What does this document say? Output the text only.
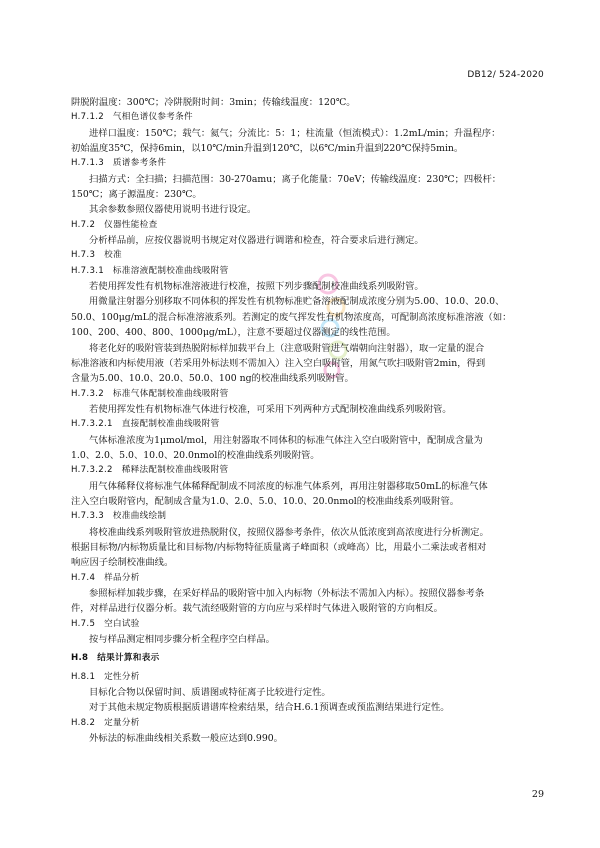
DB12/ 524-2020

阱脱附温度：300℃；冷阱脱附时间：3min；传输线温度：120℃。

H.7.1.2　气相色谱仪参考条件

进样口温度：150℃；载气：氦气；分流比：5：1；柱流量（恒流模式）：1.2mL/min；升温程序：

初始温度35℃，保持6min，以10℃/min升温到120℃，以6℃/min升温到220℃保持5min。

H.7.1.3　质谱参考条件

扫描方式：全扫描；扫描范围：30-270amu；离子化能量：70eV；传输线温度：230℃；四极杆：

150℃；离子源温度：230℃。

其余参数参照仪器使用说明书进行设定。

H.7.2　仪器性能检查

分析样品前，应按仪器说明书规定对仪器进行调谐和检查，符合要求后进行测定。

H.7.3　校准

H.7.3.1　标准溶液配制校准曲线吸附管

若使用挥发性有机物标准溶液进行校准，按照下列步骤配制校准曲线系列吸附管。

用微量注射器分别移取不同体积的挥发性有机物标准贮备溶液配制成浓度分别为5.00、10.0、20.0、

50.0、100μg/mL的混合标准溶液系列。若测定的废气挥发性有机物浓度高，可配制高浓度标准溶液（如：

100、200、400、800、1000μg/mL），注意不要超过仪器测定的线性范围。

将老化好的吸附管装到热脱附标样加载平台上（注意吸附管进气端朝向注射器），取一定量的混合

标准溶液和内标使用液（若采用外标法则不需加入）注入空白吸附管，用氮气吹扫吸附管2min，得到

含量为5.00、10.0、20.0、50.0、100 ng的校准曲线系列吸附管。

H.7.3.2　标准气体配制校准曲线吸附管

若使用挥发性有机物标准气体进行校准，可采用下列两种方式配制校准曲线系列吸附管。

H.7.3.2.1　直接配制校准曲线吸附管

气体标准浓度为1μmol/mol，用注射器取不同体积的标准气体注入空白吸附管中，配制成含量为

1.0、2.0、5.0、10.0、20.0nmol的校准曲线系列吸附管。

H.7.3.2.2　稀释法配制校准曲线吸附管

用气体稀释仪将标准气体稀释配制成不同浓度的标准气体系列，再用注射器移取50mL的标准气体

注入空白吸附管内，配制成含量为1.0、2.0、5.0、10.0、20.0nmol的校准曲线系列吸附管。

H.7.3.3　校准曲线绘制

将校准曲线系列吸附管放进热脱附仪，按照仪器参考条件，依次从低浓度到高浓度进行分析测定。

根据目标物/内标物质量比和目标物/内标物特征质量离子峰面积（或峰高）比，用最小二乘法或者相对

响应因子绘制校准曲线。

H.7.4　样品分析

参照标样加载步骤，在采好样品的吸附管中加入内标物（外标法不需加入内标）。按照仪器参考条

件，对样品进行仪器分析。载气流经吸附管的方向应与采样时气体进入吸附管的方向相反。

H.7.5　空白试验

按与样品测定相同步骤分析全程序空白样品。

H.8　结果计算和表示

H.8.1　定性分析

目标化合物以保留时间、质谱图或特征离子比较进行定性。

对于其他未规定物质根据质谱谱库检索结果，结合H.6.1预调查或预监测结果进行定性。

H.8.2　定量分析

外标法的标准曲线相关系数一般应达到0.990。

29
